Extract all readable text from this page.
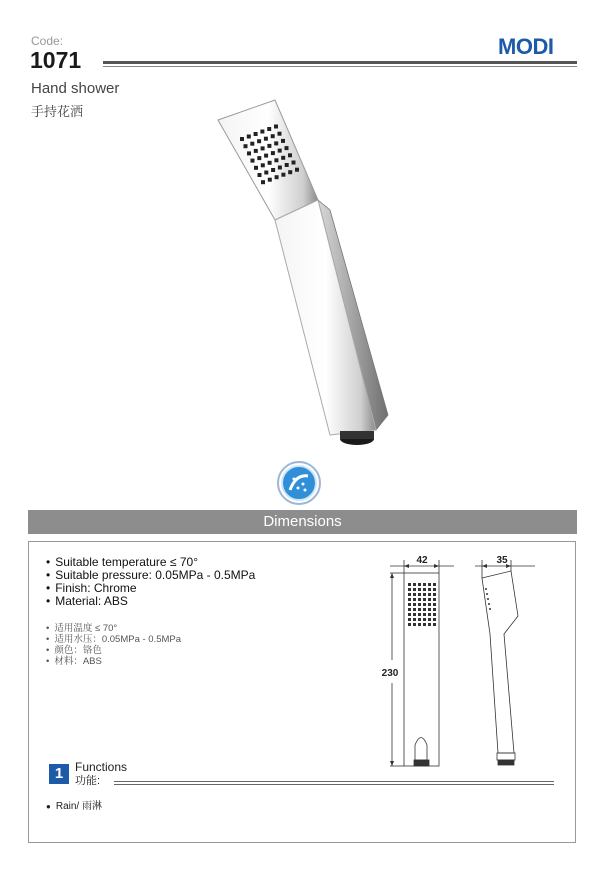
Code:
1071
MODI
Hand shower
手持花洒
Dimensions
• Suitable temperature ≤ 70°
• Suitable pressure: 0.05MPa - 0.5MPa
• Finish: Chrome
• Material: ABS
• 适用温度 ≤ 70°
• 适用水压：0.05MPa - 0.5MPa
• 颜色：铬色
• 材料：ABS
42	35
230
1 Functions
功能:
● Rain/ 雨淋
